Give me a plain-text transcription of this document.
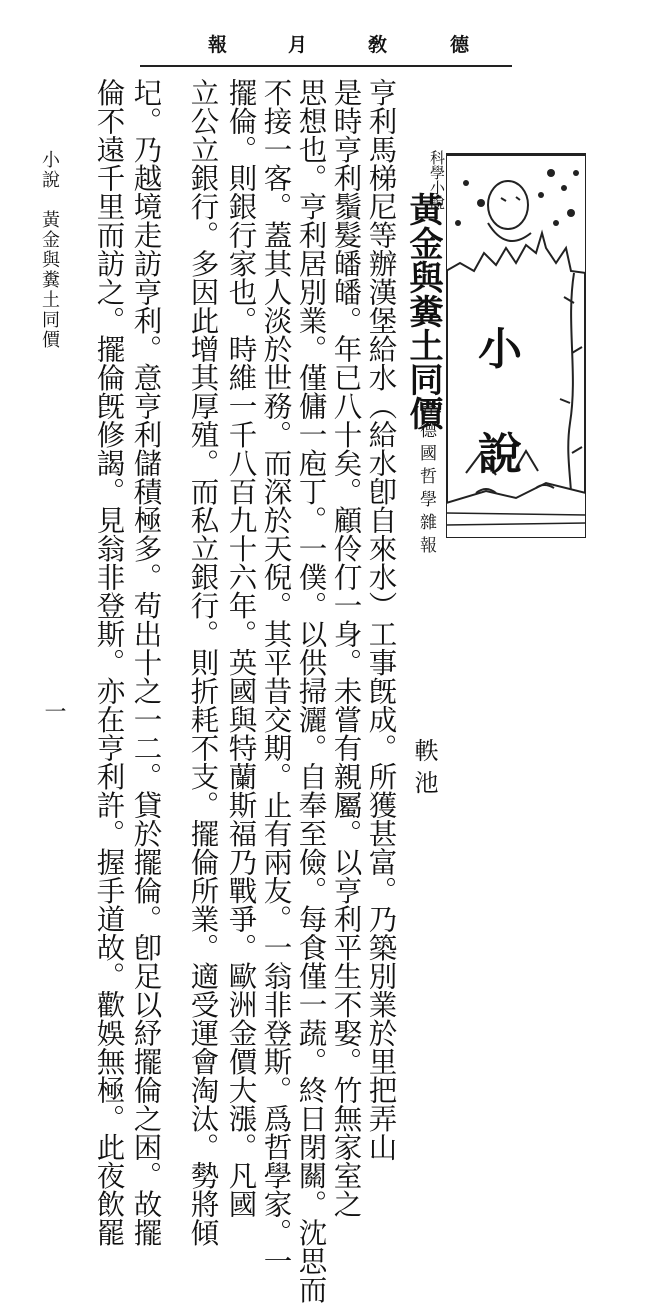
報	月	敎	德
小
說
科學小說
黃金與糞土同價
譯德國哲學雜報
軼池
亨利馬梯尼等辦漢堡給水（給水卽自來水）工事旣成。所獲甚富。乃築別業於里把弄山
是時亨利鬚髮皤皤。年已八十矣。顧伶仃一身。未嘗有親屬。以亨利平生不娶。竹無家室之
思想也。亨利居別業。僅傭一庖丁。一僕。以供掃灑。自奉至儉。每食僅一蔬。終日閉關。沈思而
不接一客。蓋其人淡於世務。而深於天倪。其平昔交期。止有兩友。一翁非登斯。爲哲學家。一
擺倫。則銀行家也。時維一千八百九十六年。英國與特蘭斯福乃戰爭。歐洲金價大漲。凡國
立公立銀行。多因此增其厚殖。而私立銀行。則折耗不支。擺倫所業。適受運會淘汰。勢將傾
圮。乃越境走訪亨利。意亨利儲積極多。苟出十之一二。貸於擺倫。卽足以紓擺倫之困。故擺
倫不遠千里而訪之。擺倫旣修謁。見翁非登斯。亦在亨利許。握手道故。歡娛無極。此夜飲罷
小說　黃金與糞土同價
一
